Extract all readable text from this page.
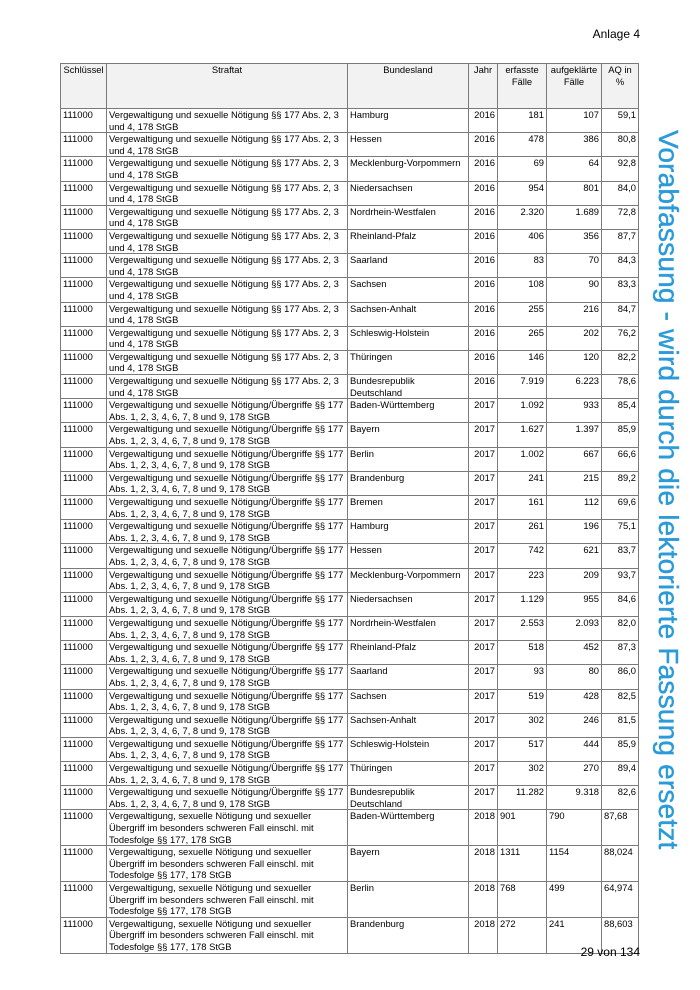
Anlage 4
Schlüssel	Straftat	Bundesland	Jahr	erfasste Fälle	aufgeklärte Fälle	AQ in %
111000	Vergewaltigung und sexuelle Nötigung §§ 177 Abs. 2, 3 und 4, 178 StGB	Hamburg	2016	181	107	59,1
111000	Vergewaltigung und sexuelle Nötigung §§ 177 Abs. 2, 3 und 4, 178 StGB	Hessen	2016	478	386	80,8
111000	Vergewaltigung und sexuelle Nötigung §§ 177 Abs. 2, 3 und 4, 178 StGB	Mecklenburg-Vorpommern	2016	69	64	92,8
111000	Vergewaltigung und sexuelle Nötigung §§ 177 Abs. 2, 3 und 4, 178 StGB	Niedersachsen	2016	954	801	84,0
111000	Vergewaltigung und sexuelle Nötigung §§ 177 Abs. 2, 3 und 4, 178 StGB	Nordrhein-Westfalen	2016	2.320	1.689	72,8
111000	Vergewaltigung und sexuelle Nötigung §§ 177 Abs. 2, 3 und 4, 178 StGB	Rheinland-Pfalz	2016	406	356	87,7
111000	Vergewaltigung und sexuelle Nötigung §§ 177 Abs. 2, 3 und 4, 178 StGB	Saarland	2016	83	70	84,3
111000	Vergewaltigung und sexuelle Nötigung §§ 177 Abs. 2, 3 und 4, 178 StGB	Sachsen	2016	108	90	83,3
111000	Vergewaltigung und sexuelle Nötigung §§ 177 Abs. 2, 3 und 4, 178 StGB	Sachsen-Anhalt	2016	255	216	84,7
111000	Vergewaltigung und sexuelle Nötigung §§ 177 Abs. 2, 3 und 4, 178 StGB	Schleswig-Holstein	2016	265	202	76,2
111000	Vergewaltigung und sexuelle Nötigung §§ 177 Abs. 2, 3 und 4, 178 StGB	Thüringen	2016	146	120	82,2
111000	Vergewaltigung und sexuelle Nötigung §§ 177 Abs. 2, 3 und 4, 178 StGB	Bundesrepublik Deutschland	2016	7.919	6.223	78,6
111000	Vergewaltigung und sexuelle Nötigung/Übergriffe §§ 177 Abs. 1, 2, 3, 4, 6, 7, 8 und 9, 178 StGB	Baden-Württemberg	2017	1.092	933	85,4
111000	Vergewaltigung und sexuelle Nötigung/Übergriffe §§ 177 Abs. 1, 2, 3, 4, 6, 7, 8 und 9, 178 StGB	Bayern	2017	1.627	1.397	85,9
111000	Vergewaltigung und sexuelle Nötigung/Übergriffe §§ 177 Abs. 1, 2, 3, 4, 6, 7, 8 und 9, 178 StGB	Berlin	2017	1.002	667	66,6
111000	Vergewaltigung und sexuelle Nötigung/Übergriffe §§ 177 Abs. 1, 2, 3, 4, 6, 7, 8 und 9, 178 StGB	Brandenburg	2017	241	215	89,2
111000	Vergewaltigung und sexuelle Nötigung/Übergriffe §§ 177 Abs. 1, 2, 3, 4, 6, 7, 8 und 9, 178 StGB	Bremen	2017	161	112	69,6
111000	Vergewaltigung und sexuelle Nötigung/Übergriffe §§ 177 Abs. 1, 2, 3, 4, 6, 7, 8 und 9, 178 StGB	Hamburg	2017	261	196	75,1
111000	Vergewaltigung und sexuelle Nötigung/Übergriffe §§ 177 Abs. 1, 2, 3, 4, 6, 7, 8 und 9, 178 StGB	Hessen	2017	742	621	83,7
111000	Vergewaltigung und sexuelle Nötigung/Übergriffe §§ 177 Abs. 1, 2, 3, 4, 6, 7, 8 und 9, 178 StGB	Mecklenburg-Vorpommern	2017	223	209	93,7
111000	Vergewaltigung und sexuelle Nötigung/Übergriffe §§ 177 Abs. 1, 2, 3, 4, 6, 7, 8 und 9, 178 StGB	Niedersachsen	2017	1.129	955	84,6
111000	Vergewaltigung und sexuelle Nötigung/Übergriffe §§ 177 Abs. 1, 2, 3, 4, 6, 7, 8 und 9, 178 StGB	Nordrhein-Westfalen	2017	2.553	2.093	82,0
111000	Vergewaltigung und sexuelle Nötigung/Übergriffe §§ 177 Abs. 1, 2, 3, 4, 6, 7, 8 und 9, 178 StGB	Rheinland-Pfalz	2017	518	452	87,3
111000	Vergewaltigung und sexuelle Nötigung/Übergriffe §§ 177 Abs. 1, 2, 3, 4, 6, 7, 8 und 9, 178 StGB	Saarland	2017	93	80	86,0
111000	Vergewaltigung und sexuelle Nötigung/Übergriffe §§ 177 Abs. 1, 2, 3, 4, 6, 7, 8 und 9, 178 StGB	Sachsen	2017	519	428	82,5
111000	Vergewaltigung und sexuelle Nötigung/Übergriffe §§ 177 Abs. 1, 2, 3, 4, 6, 7, 8 und 9, 178 StGB	Sachsen-Anhalt	2017	302	246	81,5
111000	Vergewaltigung und sexuelle Nötigung/Übergriffe §§ 177 Abs. 1, 2, 3, 4, 6, 7, 8 und 9, 178 StGB	Schleswig-Holstein	2017	517	444	85,9
111000	Vergewaltigung und sexuelle Nötigung/Übergriffe §§ 177 Abs. 1, 2, 3, 4, 6, 7, 8 und 9, 178 StGB	Thüringen	2017	302	270	89,4
111000	Vergewaltigung und sexuelle Nötigung/Übergriffe §§ 177 Abs. 1, 2, 3, 4, 6, 7, 8 und 9, 178 StGB	Bundesrepublik Deutschland	2017	11.282	9.318	82,6
111000	Vergewaltigung, sexuelle Nötigung und sexueller Übergriff im besonders schweren Fall einschl. mit Todesfolge §§ 177, 178 StGB	Baden-Württemberg	2018	901	790	87,68
111000	Vergewaltigung, sexuelle Nötigung und sexueller Übergriff im besonders schweren Fall einschl. mit Todesfolge §§ 177, 178 StGB	Bayern	2018	1311	1154	88,024
111000	Vergewaltigung, sexuelle Nötigung und sexueller Übergriff im besonders schweren Fall einschl. mit Todesfolge §§ 177, 178 StGB	Berlin	2018	768	499	64,974
111000	Vergewaltigung, sexuelle Nötigung und sexueller Übergriff im besonders schweren Fall einschl. mit Todesfolge §§ 177, 178 StGB	Brandenburg	2018	272	241	88,603
29 von 134
Vorabfassung - wird durch die lektorierte Fassung ersetzt
